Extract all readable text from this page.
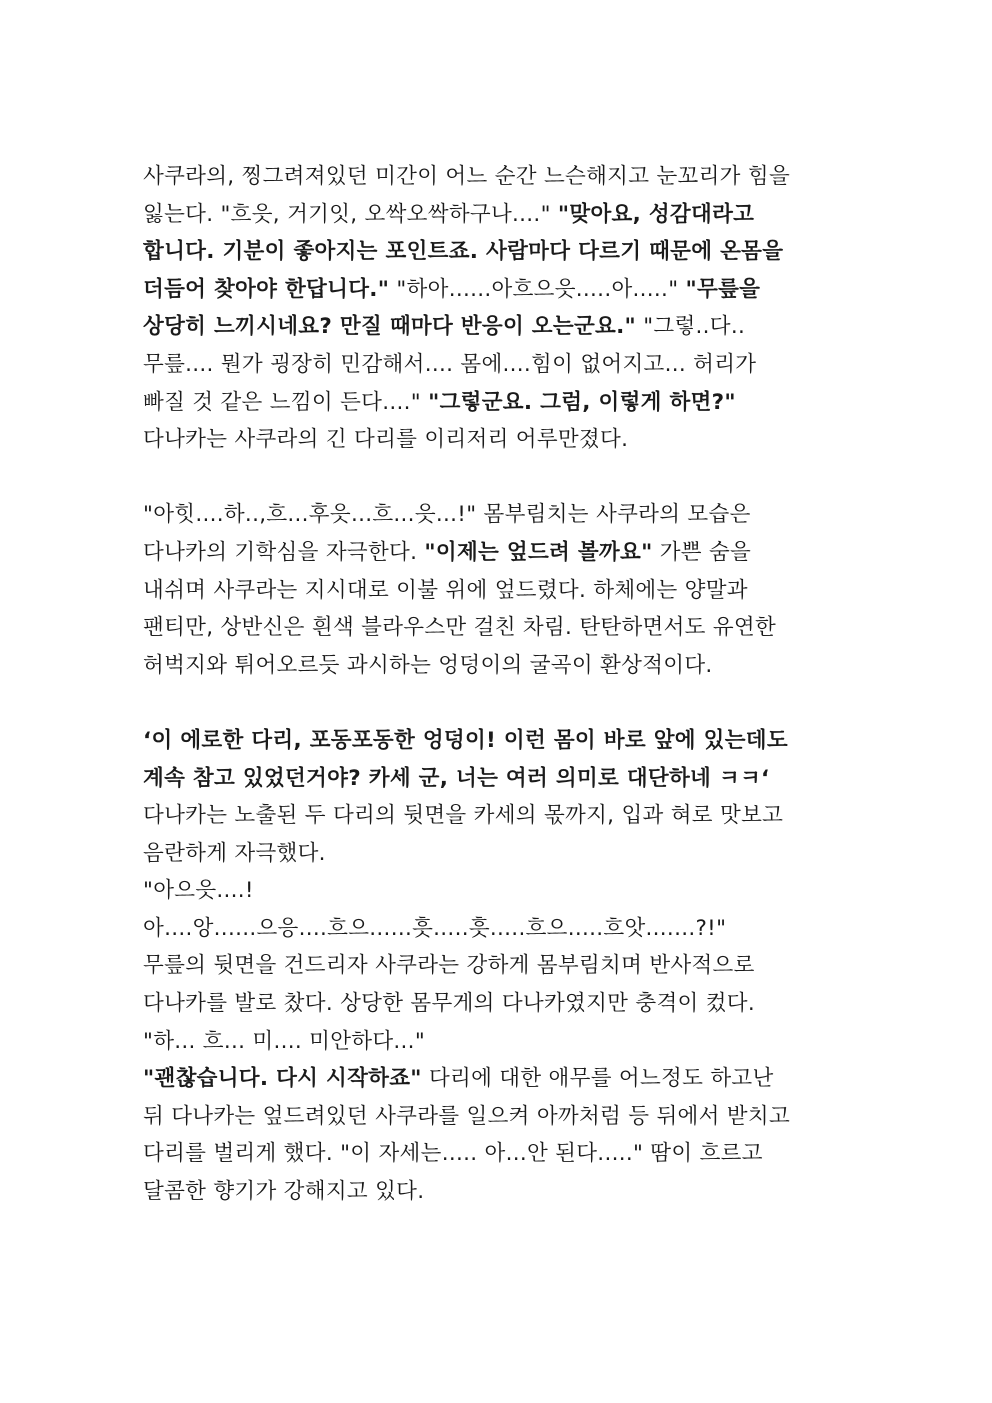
사쿠라의, 찡그려져있던 미간이 어느 순간 느슨해지고 눈꼬리가 힘을
잃는다. "흐읏, 거기잇, 오싹오싹하구나...." "맞아요, 성감대라고
합니다. 기분이 좋아지는 포인트죠. 사람마다 다르기 때문에 온몸을
더듬어 찾아야 한답니다." "하아......아흐으읏.....아....." "무릎을
상당히 느끼시네요? 만질 때마다 반응이 오는군요." "그렇..다..
무릎.... 뭔가 굉장히 민감해서.... 몸에....힘이 없어지고... 허리가
빠질 것 같은 느낌이 든다...." "그렇군요. 그럼, 이렇게 하면?"
다나카는 사쿠라의 긴 다리를 이리저리 어루만졌다.
"아힛....하..,흐...후읏...흐...읏...!" 몸부림치는 사쿠라의 모습은
다나카의 기학심을 자극한다. "이제는 엎드려 볼까요" 가쁜 숨을
내쉬며 사쿠라는 지시대로 이불 위에 엎드렸다. 하체에는 양말과
팬티만, 상반신은 흰색 블라우스만 걸친 차림. 탄탄하면서도 유연한
허벅지와 튀어오르듯 과시하는 엉덩이의 굴곡이 환상적이다.
‘이 에로한 다리, 포동포동한 엉덩이! 이런 몸이 바로 앞에 있는데도
계속 참고 있었던거야? 카세 군, 너는 여러 의미로 대단하네 ㅋㅋ‘
다나카는 노출된 두 다리의 뒷면을 카세의 몫까지, 입과 혀로 맛보고
음란하게 자극했다.
"아으읏....!
아....앙......으응....흐으......흣.....흣.....흐으.....흐앗.......?!"
무릎의 뒷면을 건드리자 사쿠라는 강하게 몸부림치며 반사적으로
다나카를 발로 찼다. 상당한 몸무게의 다나카였지만 충격이 컸다.
"하... 흐... 미.... 미안하다..."
"괜찮습니다. 다시 시작하죠" 다리에 대한 애무를 어느정도 하고난
뒤 다나카는 엎드려있던 사쿠라를 일으켜 아까처럼 등 뒤에서 받치고
다리를 벌리게 했다. "이 자세는..... 아...안 된다....." 땀이 흐르고
달콤한 향기가 강해지고 있다.
